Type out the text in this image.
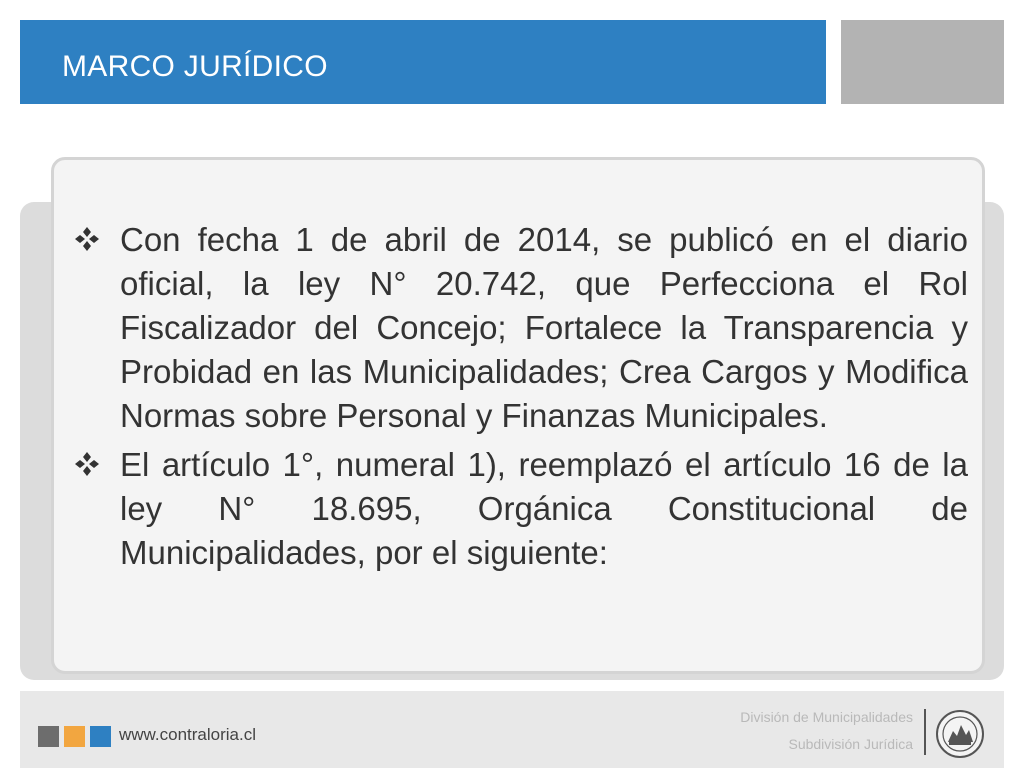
MARCO JURÍDICO
Con fecha 1 de abril de 2014, se publicó en el diario oficial, la ley N° 20.742, que Perfecciona el Rol Fiscalizador del Concejo; Fortalece la Transparencia y Probidad en las Municipalidades; Crea Cargos y Modifica Normas sobre Personal y Finanzas Municipales.
El artículo 1°, numeral 1), reemplazó el artículo 16 de la ley N° 18.695, Orgánica Constitucional de Municipalidades, por el siguiente:
www.contraloria.cl
División de Municipalidades
Subdivisión Jurídica
